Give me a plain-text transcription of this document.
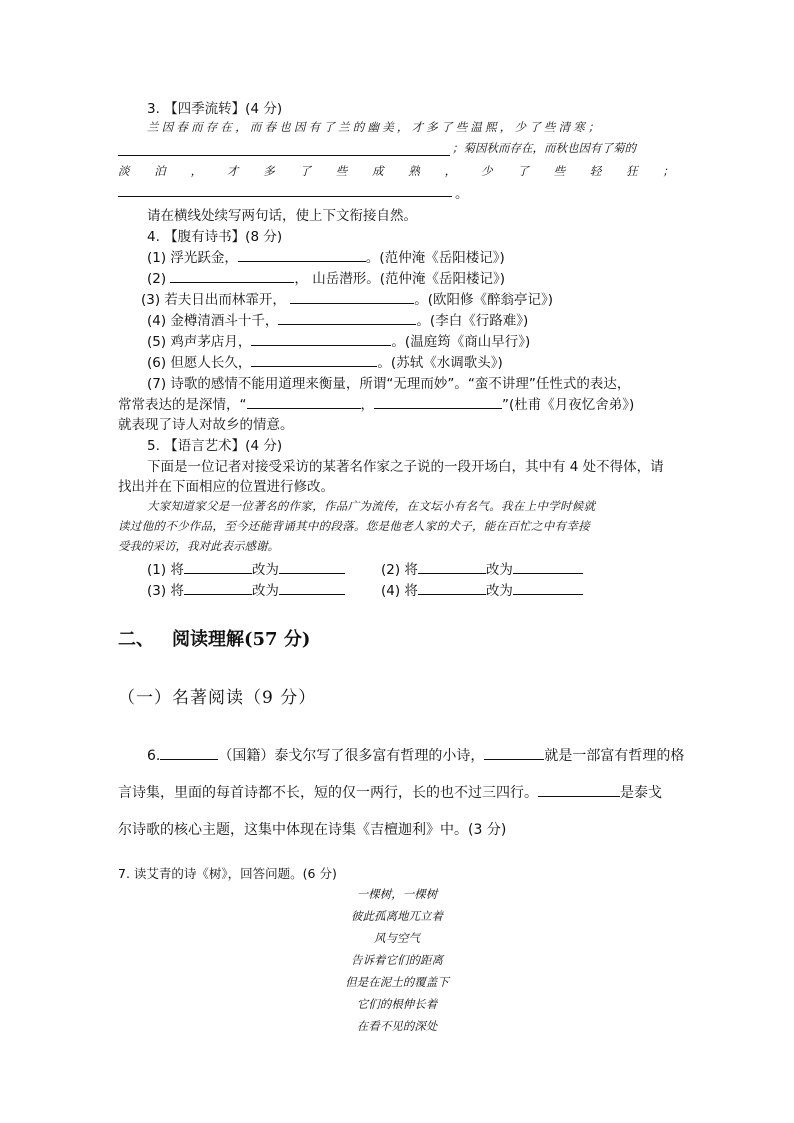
3. 【四季流转】(4 分)
兰因春而存在，而春也因有了兰的幽美，才多了些温熙，少了些清寒；
；菊因秋而存在，而秋也因有了菊的
淡 泊 ， 才 多 了 些 成 熟 ， 少 了 些 轻 狂 ；
。
请在横线处续写两句话，使上下文衔接自然。
4. 【腹有诗书】(8 分)
(1) 浮光跃金，	。(范仲淹《岳阳楼记》)
(2)	， 山岳潜形。(范仲淹《岳阳楼记》)
(3) 若夫日出而林霏开，	。(欧阳修《醉翁亭记》)
(4) 金樽清酒斗十千，	。(李白《行路难》)
(5) 鸡声茅店月，	。(温庭筠《商山早行》)
(6) 但愿人长久，	。(苏轼《水调歌头》)
(7) 诗歌的感情不能用道理来衡量，所谓“无理而妙”。“蛮不讲理”任性式的表达，
常常表达的是深情，“	，	”(杜甫《月夜忆舍弟》)
就表现了诗人对故乡的情意。
5. 【语言艺术】(4 分)
下面是一位记者对接受采访的某著名作家之子说的一段开场白，其中有 4 处不得体，请
找出并在下面相应的位置进行修改。
大家知道家父是一位著名的作家，作品广为流传，在文坛小有名气。我在上中学时候就
读过他的不少作品，至今还能背诵其中的段落。您是他老人家的犬子，能在百忙之中有幸接
受我的采访，我对此表示感谢。
(1) 将	改为	(2) 将	改为
(3) 将	改为	(4) 将	改为
二、 阅读理解(57 分)
（一）名著阅读（9 分）
6.	（国籍）泰戈尔写了很多富有哲理的小诗，	就是一部富有哲理的格
言诗集，里面的每首诗都不长，短的仅一两行，长的也不过三四行。	是泰戈
尔诗歌的核心主题，这集中体现在诗集《吉檀迦利》中。(3 分)
7. 读艾青的诗《树》，回答问题。(6 分)
一棵树，一棵树
彼此孤离地兀立着
风与空气
告诉着它们的距离
但是在泥土的覆盖下
它们的根伸长着
在看不见的深处
